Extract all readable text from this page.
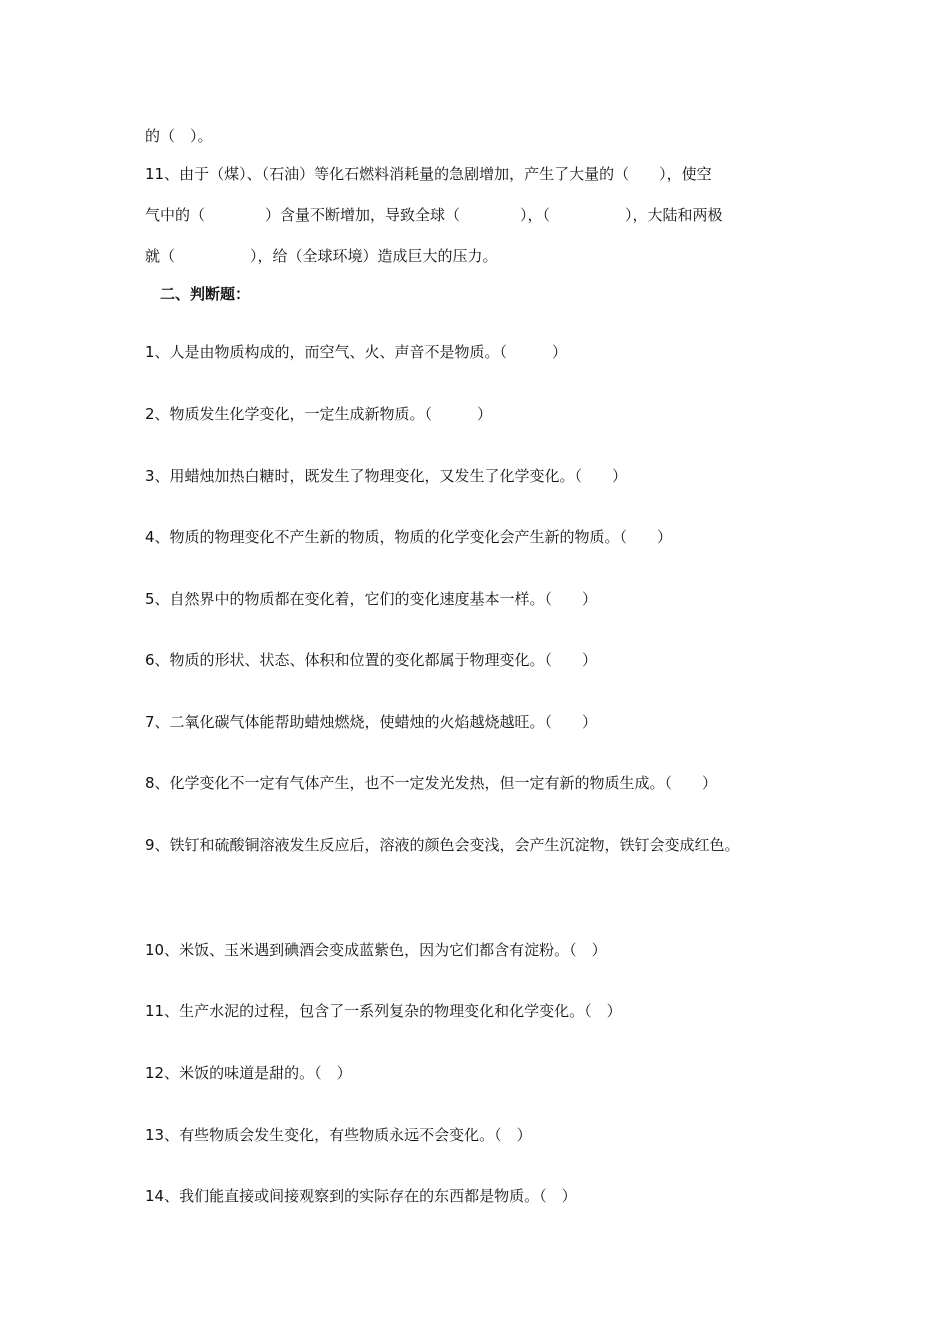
的（　）。
11、由于（煤）、（石油）等化石燃料消耗量的急剧增加，产生了大量的（　　），使空
气中的（　　　　）含量不断增加，导致全球（　　　　），（　　　　　），大陆和两极
就（　　　　　），给（全球环境）造成巨大的压力。
二、判断题：
1、人是由物质构成的，而空气、火、声音不是物质。（　　　）
2、物质发生化学变化，一定生成新物质。（　　　）
3、用蜡烛加热白糖时，既发生了物理变化，又发生了化学变化。（　　）
4、物质的物理变化不产生新的物质，物质的化学变化会产生新的物质。（　　）
5、自然界中的物质都在变化着，它们的变化速度基本一样。（　　）
6、物质的形状、状态、体积和位置的变化都属于物理变化。（　　）
7、二氧化碳气体能帮助蜡烛燃烧，使蜡烛的火焰越烧越旺。（　　）
8、化学变化不一定有气体产生，也不一定发光发热，但一定有新的物质生成。（　　）
9、铁钉和硫酸铜溶液发生反应后，溶液的颜色会变浅，会产生沉淀物，铁钉会变成红色。
10、米饭、玉米遇到碘酒会变成蓝紫色，因为它们都含有淀粉。（　）
11、生产水泥的过程，包含了一系列复杂的物理变化和化学变化。（　）
12、米饭的味道是甜的。（　）
13、有些物质会发生变化，有些物质永远不会变化。（　）
14、我们能直接或间接观察到的实际存在的东西都是物质。（　）
